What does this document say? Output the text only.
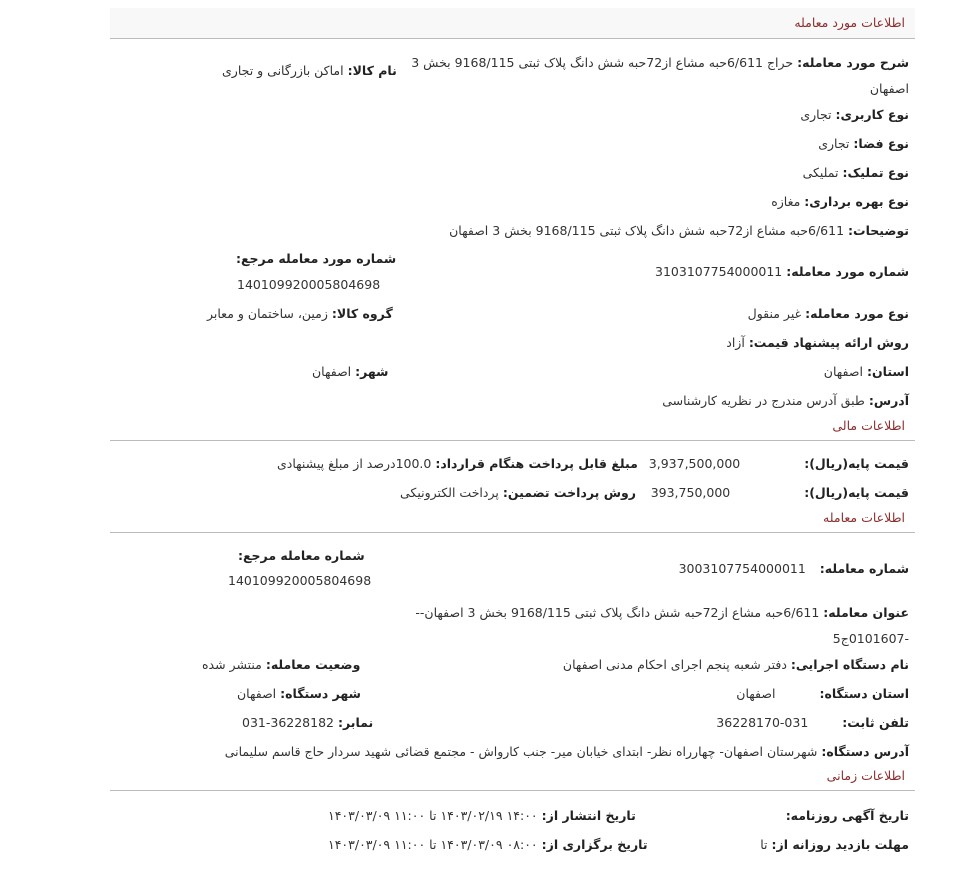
اطلاعات مورد معامله
شرح مورد معامله: حراج 6/611حبه مشاع از72حبه شش دانگ پلاک ثبتی 9168/115 بخش 3 اصفهان
نام کالا: اماکن بازرگانی و تجاری
نوع کاربری: تجاری
نوع فضا: تجاری
نوع تملیک: تملیکی
نوع بهره برداری: مغازه
توضیحات: 6/611حبه مشاع از72حبه شش دانگ پلاک ثبتی 9168/115 بخش 3 اصفهان
شماره مورد معامله مرجع:
14010992000580469​8
شماره مورد معامله: 3103107754000011
گروه کالا: زمین، ساختمان و معابر	نوع مورد معامله: غیر منقول
روش ارائه پیشنهاد قیمت: آزاد
استان: اصفهان
شهر: اصفهان
آدرس: طبق آدرس مندرج در نظریه کارشناسی
اطلاعات مالی
قیمت پایه(ریال): 3,937,500,000
مبلغ قابل پرداخت هنگام قرارداد: 100.0درصد از مبلغ پیشنهادی
قیمت پایه(ریال): 393,750,000
روش پرداخت تضمین: پرداخت الکترونیکی
اطلاعات معامله
شماره معامله مرجع:
14010992000580469​8
شماره معامله: 3003107754000011
عنوان معامله: 6/611حبه مشاع از72حبه شش دانگ پلاک ثبتی 9168/115 بخش 3 اصفهان---0101607ج5
نام دستگاه اجرایی: دفتر شعبه پنجم اجرای احکام مدنی اصفهان
وضعیت معامله: منتشر شده
استان دستگاه: اصفهان
شهر دستگاه: اصفهان
تلفن ثابت: 36228170-031
نمابر: 36228182-031
آدرس دستگاه: شهرستان اصفهان- چهارراه نظر- ابتدای خیابان میر- جنب کارواش - مجتمع قضائی شهید سردار حاج قاسم سلیمانی
اطلاعات زمانی
تاریخ آگهی روزنامه:
تاریخ انتشار از: ۱۴:۰۰ ۱۴۰۳/۰۲/۱۹ تا ۱۱:۰۰ ۱۴۰۳/۰۳/۰۹
مهلت بازدید روزانه از: تا
تاریخ برگزاری از: ۰۸:۰۰ ۱۴۰۳/۰۳/۰۹ تا ۱۱:۰۰ ۱۴۰۳/۰۳/۰۹
